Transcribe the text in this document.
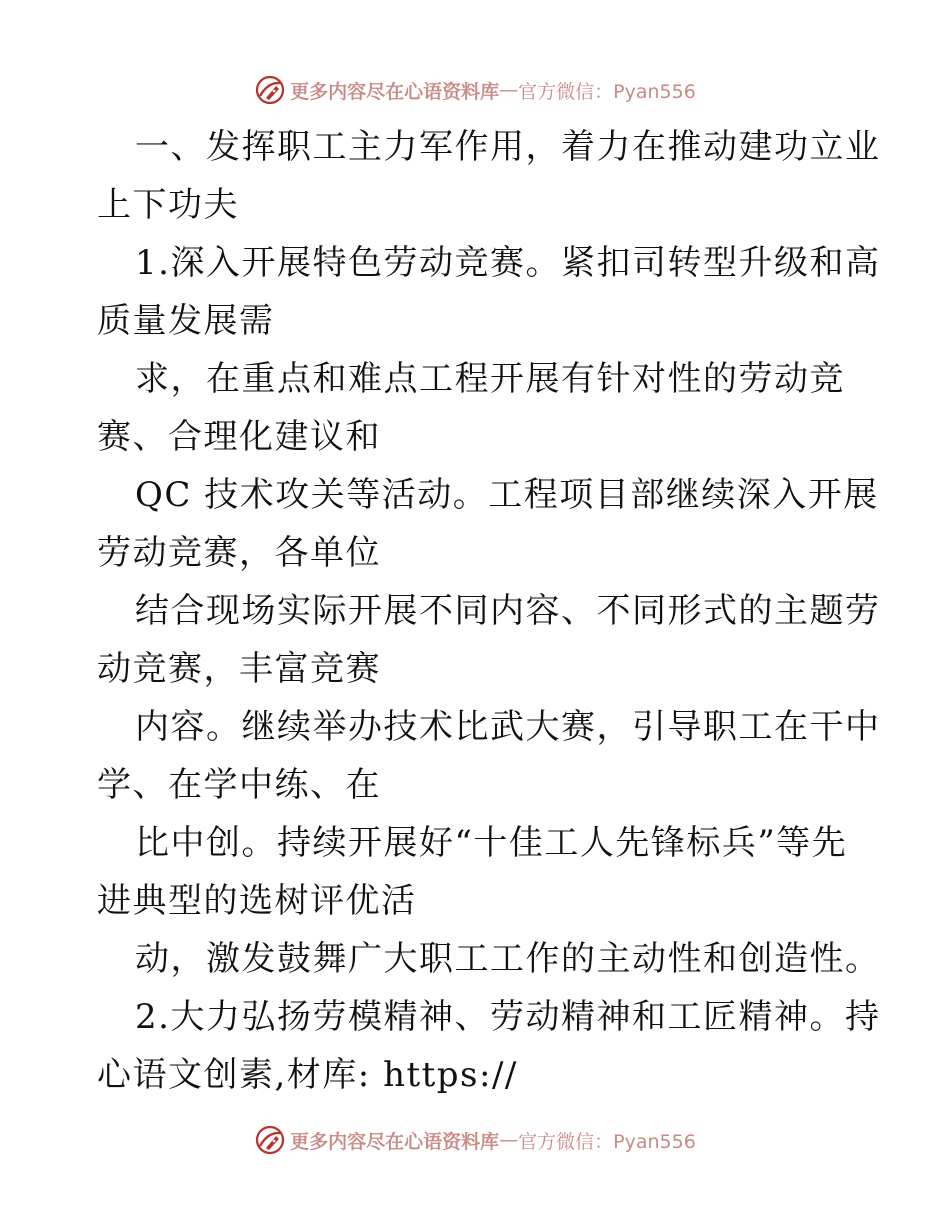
更多内容尽在心语资料库 — 官方微信：Pyan556
一、发挥职工主力军作用，着力在推动建功立业
上下功夫
1.深入开展特色劳动竞赛。紧扣司转型升级和高
质量发展需
求，在重点和难点工程开展有针对性的劳动竞
赛、合理化建议和
QC 技术攻关等活动。工程项目部继续深入开展
劳动竞赛，各单位
结合现场实际开展不同内容、不同形式的主题劳
动竞赛，丰富竞赛
内容。继续举办技术比武大赛，引导职工在干中
学、在学中练、在
比中创。持续开展好“十佳工人先锋标兵”等先
进典型的选树评优活
动，激发鼓舞广大职工工作的主动性和创造性。
2.大力弘扬劳模精神、劳动精神和工匠精神。持
心语文创素,材库: https://
更多内容尽在心语资料库 — 官方微信：Pyan556
